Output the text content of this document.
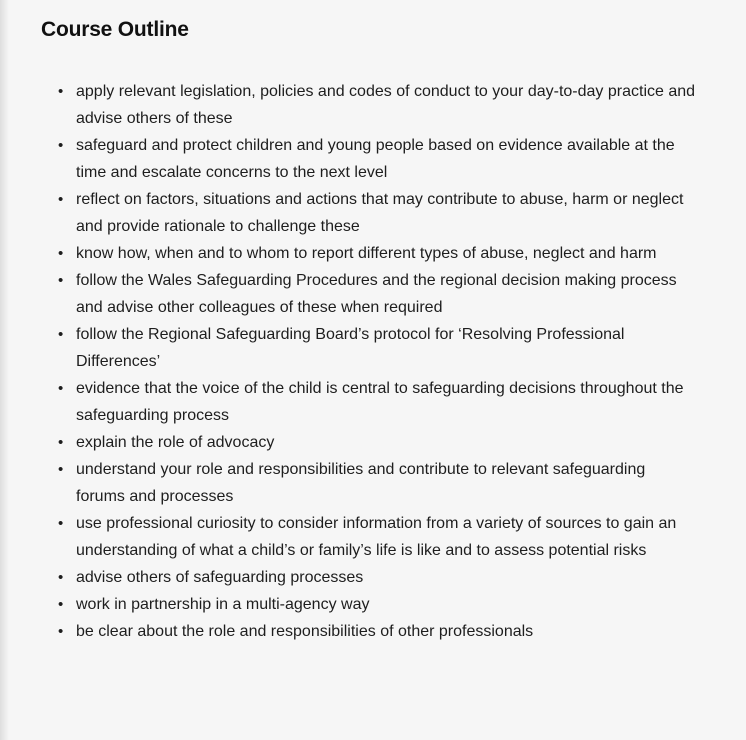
Course Outline
• apply relevant legislation, policies and codes of conduct to your day-to-day practice and advise others of these
• safeguard and protect children and young people based on evidence available at the time and escalate concerns to the next level
• reflect on factors, situations and actions that may contribute to abuse, harm or neglect and provide rationale to challenge these
• know how, when and to whom to report different types of abuse, neglect and harm
• follow the Wales Safeguarding Procedures and the regional decision making process and advise other colleagues of these when required
• follow the Regional Safeguarding Board’s protocol for ‘Resolving Professional Differences’
• evidence that the voice of the child is central to safeguarding decisions throughout the safeguarding process
• explain the role of advocacy
• understand your role and responsibilities and contribute to relevant safeguarding forums and processes
• use professional curiosity to consider information from a variety of sources to gain an understanding of what a child’s or family’s life is like and to assess potential risks
• advise others of safeguarding processes
• work in partnership in a multi-agency way
• be clear about the role and responsibilities of other professionals
